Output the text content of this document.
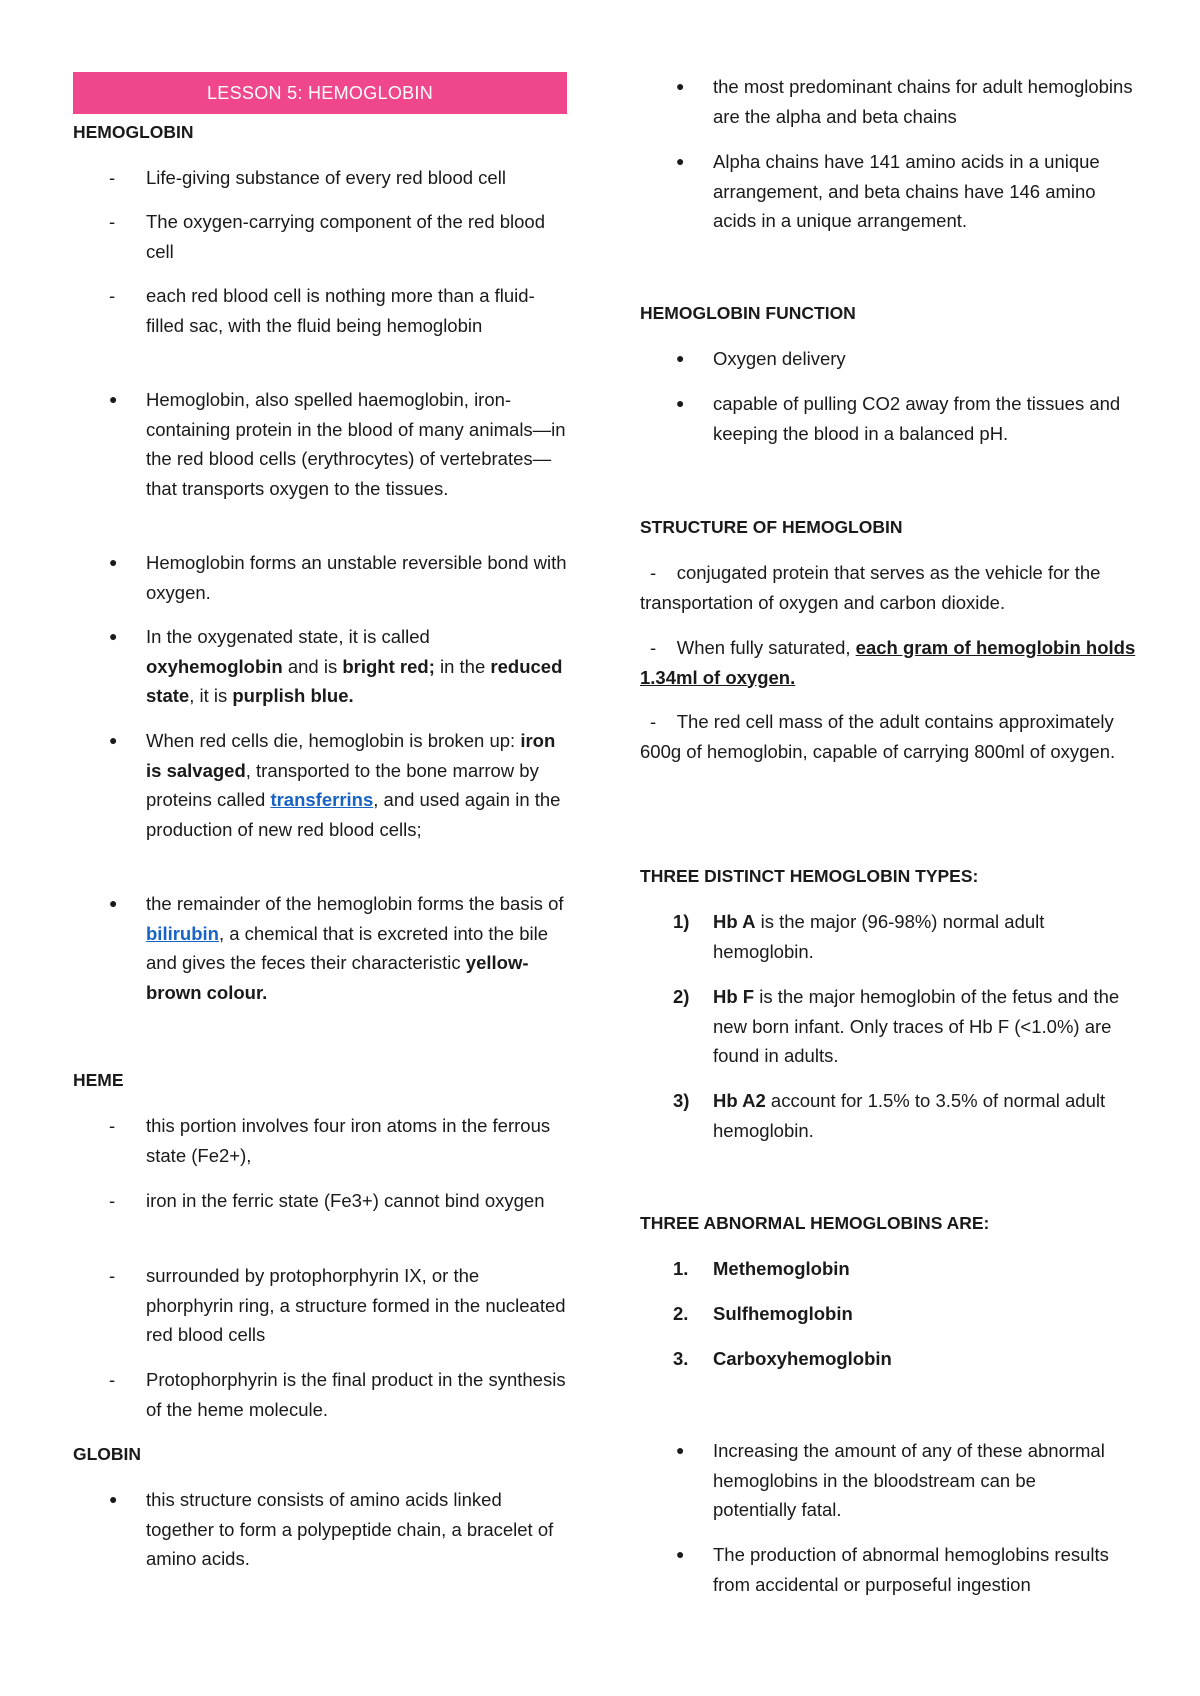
LESSON 5: HEMOGLOBIN
HEMOGLOBIN
-	Life-giving substance of every red blood cell
-	The oxygen-carrying component of the red blood cell
-	each red blood cell is nothing more than a fluid-filled sac, with the fluid being hemoglobin
●	Hemoglobin, also spelled haemoglobin, iron-containing protein in the blood of many animals—in the red blood cells (erythrocytes) of vertebrates—that transports oxygen to the tissues.
●	Hemoglobin forms an unstable reversible bond with oxygen.
●	In the oxygenated state, it is called oxyhemoglobin and is bright red; in the reduced state, it is purplish blue.
●	When red cells die, hemoglobin is broken up: iron is salvaged, transported to the bone marrow by proteins called transferrins, and used again in the production of new red blood cells;
●	the remainder of the hemoglobin forms the basis of bilirubin, a chemical that is excreted into the bile and gives the feces their characteristic yellow-brown colour.
HEME
-	this portion involves four iron atoms in the ferrous state (Fe2+),
-	iron in the ferric state (Fe3+) cannot bind oxygen
-	surrounded by protophorphyrin IX, or the phorphyrin ring, a structure formed in the nucleated red blood cells
-	Protophorphyrin is the final product in the synthesis of the heme molecule.
GLOBIN
●	this structure consists of amino acids linked together to form a polypeptide chain, a bracelet of amino acids.
●	the most predominant chains for adult hemoglobins are the alpha and beta chains
●	Alpha chains have 141 amino acids in a unique arrangement, and beta chains have 146 amino acids in a unique arrangement.
HEMOGLOBIN FUNCTION
●	Oxygen delivery
●	capable of pulling CO2 away from the tissues and keeping the blood in a balanced pH.
STRUCTURE OF HEMOGLOBIN
-    conjugated protein that serves as the vehicle for the transportation of oxygen and carbon dioxide.
-    When fully saturated, each gram of hemoglobin holds 1.34ml of oxygen.
-    The red cell mass of the adult contains approximately 600g of hemoglobin, capable of carrying 800ml of oxygen.
THREE DISTINCT HEMOGLOBIN TYPES:
1) Hb A is the major (96-98%) normal adult hemoglobin.
2) Hb F is the major hemoglobin of the fetus and the new born infant. Only traces of Hb F (<1.0%) are found in adults.
3) Hb A2 account for 1.5% to 3.5% of normal adult hemoglobin.
THREE ABNORMAL HEMOGLOBINS ARE:
1. Methemoglobin
2. Sulfhemoglobin
3. Carboxyhemoglobin
●	Increasing the amount of any of these abnormal hemoglobins in the bloodstream can be potentially fatal.
●	The production of abnormal hemoglobins results from accidental or purposeful ingestion
